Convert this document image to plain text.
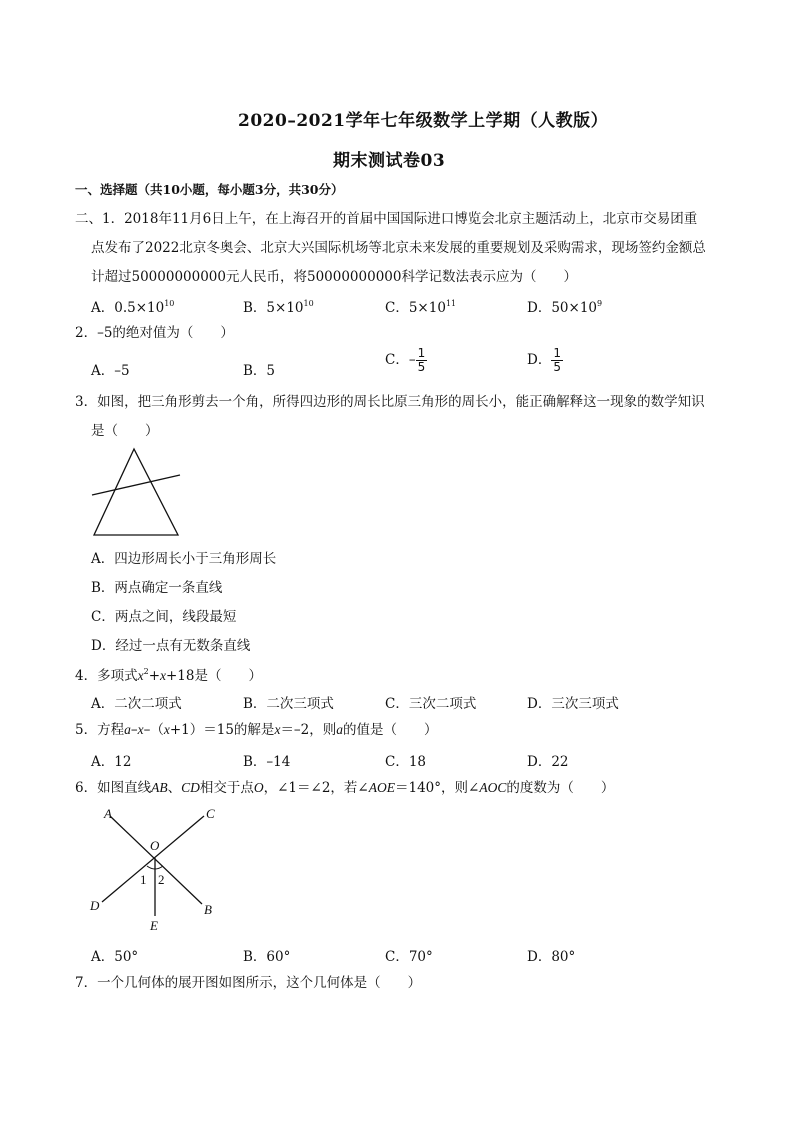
2020–2021学年七年级数学上学期（人教版）
期末测试卷03
一、选择题（共10小题，每小题3分，共30分）
二、1．2018年11月6日上午，在上海召开的首届中国国际进口博览会北京主题活动上，北京市交易团重
点发布了2022北京冬奥会、北京大兴国际机场等北京未来发展的重要规划及采购需求，现场签约金额总
计超过50000000000元人民币，将50000000000科学记数法表示应为（　　）
A．$0.5\times 10^{10}$	B．$5\times 10^{10}$	C．$5\times 10^{11}$	D．$50\times 10^9$
2．–5的绝对值为（　　）
A．–5	B．5
C．– $\frac{1}{5}$	D． $\frac{1}{5}$
3．如图，把三角形剪去一个角，所得四边形的周长比原三角形的周长小，能正确解释这一现象的数学知识
是（　　）
A．四边形周长小于三角形周长
B．两点确定一条直线
C．两点之间，线段最短
D．经过一点有无数条直线
4．多项式$x^2+x+18$是（　　）
A．二次二项式	B．二次三项式	C．三次二项式	D．三次三项式
5．方程a–x–（x+1）＝15的解是x＝–2，则a的值是（　　）
A．12	B．–14	C．18	D．22
6．如图直线AB、CD相交于点O，∠1＝∠2，若∠AOE＝140°，则∠AOC的度数为（　　）
A	C
O
1 2
D	B
E
A．50°	B．60°	C．70°	D．80°
7．一个几何体的展开图如图所示，这个几何体是（　　）
